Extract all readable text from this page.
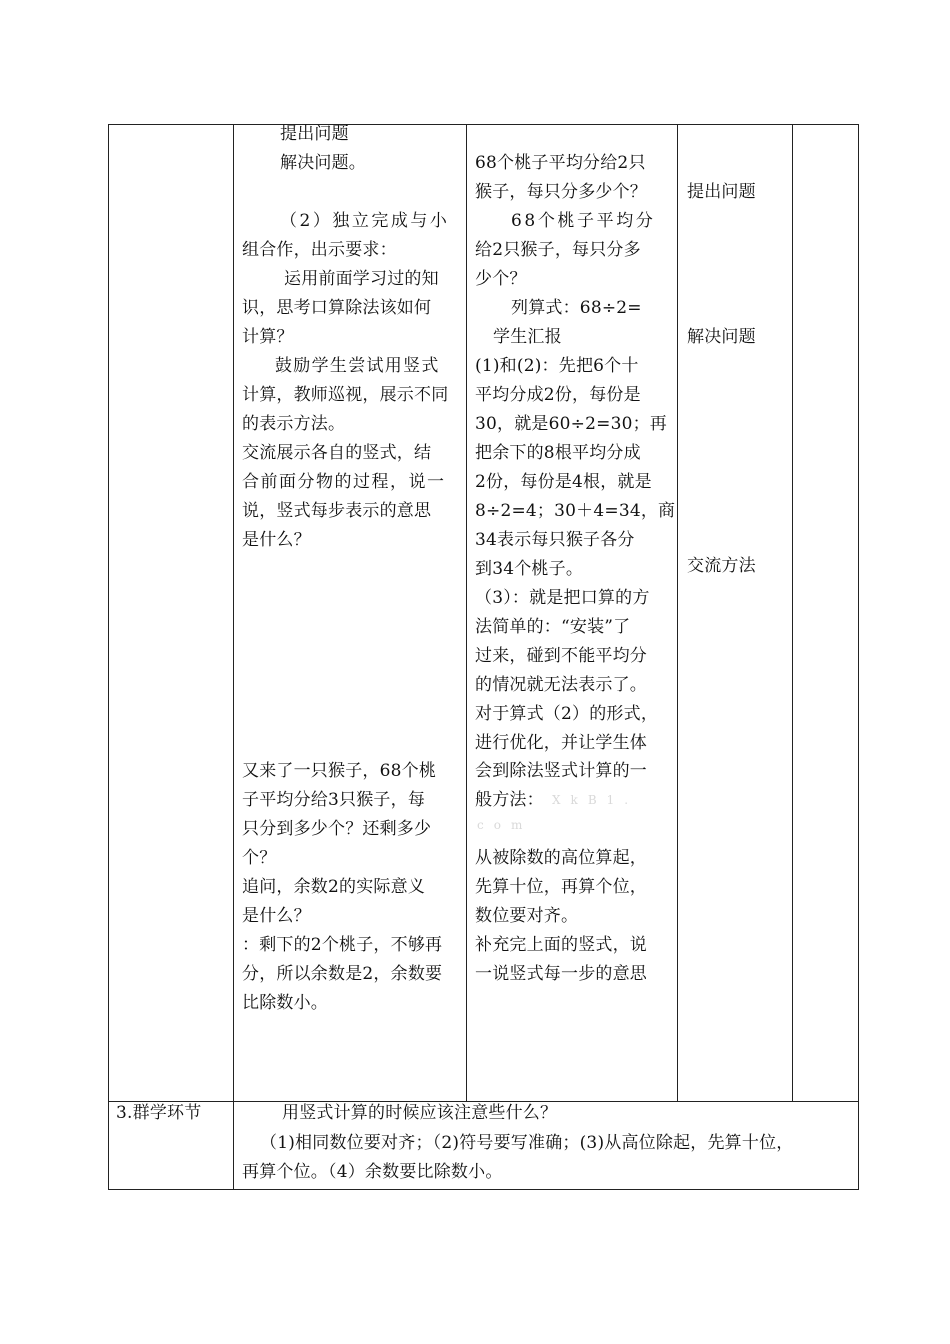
提出问题
解决问题。
（2）独立完成与小
组合作，出示要求：
运用前面学习过的知
识，思考口算除法该如何
计算？
鼓励学生尝试用竖式
计算，教师巡视，展示不同
的表示方法。
交流展示各自的竖式，结
合前面分物的过程，说一
说，竖式每步表示的意思
是什么？
又来了一只猴子，68个桃
子平均分给3只猴子，每
只分到多少个？还剩多少
个？
追问，余数2的实际意义
是什么？
：剩下的2个桃子，不够再
分，所以余数是2，余数要
比除数小。
68个桃子平均分给2只
猴子，每只分多少个？
68个桃子平均分
给2只猴子，每只分多
少个？
列算式：68÷2=
学生汇报
(1)和(2)：先把6个十
平均分成2份，每份是
30，就是60÷2=30；再
把余下的8根平均分成
2份，每份是4根，就是
8÷2=4；30＋4=34，商
34表示每只猴子各分
到34个桃子。
（3）：就是把口算的方
法简单的：“安装”了
过来，碰到不能平均分
的情况就无法表示了。
对于算式（2）的形式，
进行优化，并让学生体
会到除法竖式计算的一
般方法： XkB1.
com
从被除数的高位算起，
先算十位，再算个位，
数位要对齐。
补充完上面的竖式，说
一说竖式每一步的意思
提出问题
解决问题
交流方法
3.群学环节	用竖式计算的时候应该注意些什么？
（1)相同数位要对齐；（2)符号要写准确；(3)从高位除起，先算十位，
再算个位。（4）余数要比除数小。
